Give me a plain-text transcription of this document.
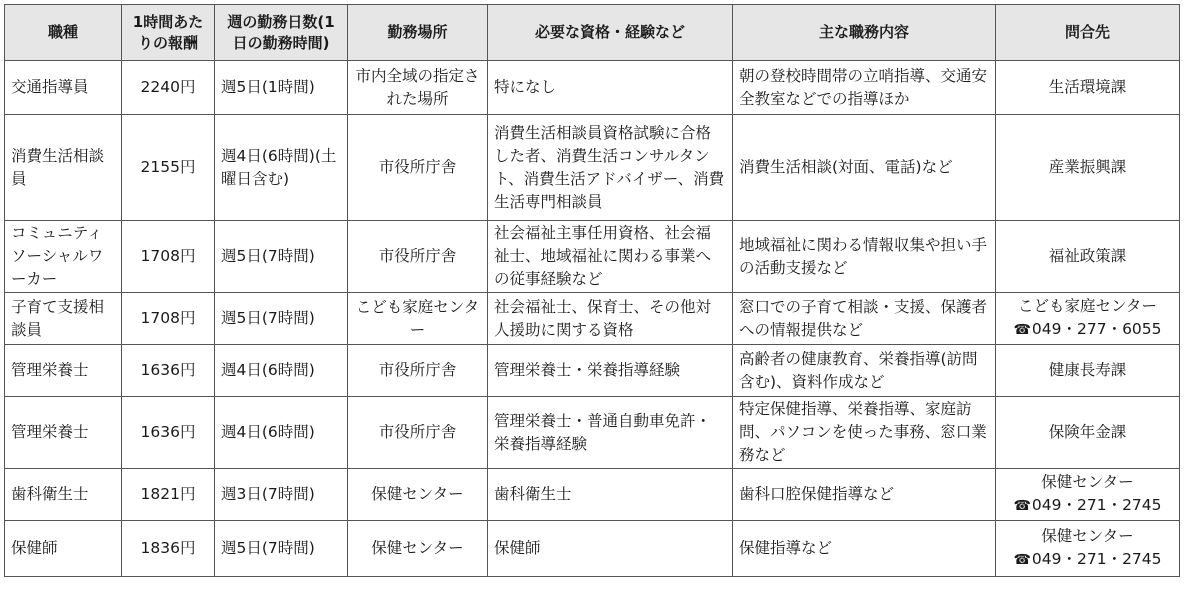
職種	1時間あたりの報酬	週の勤務日数(1日の勤務時間)	勤務場所	必要な資格・経験など	主な職務内容	問合先
交通指導員	2240円	週5日(1時間)	市内全域の指定された場所	特になし	朝の登校時間帯の立哨指導、交通安全教室などでの指導ほか	生活環境課
消費生活相談員	2155円	週4日(6時間)(土曜日含む)	市役所庁舎	消費生活相談員資格試験に合格した者、消費生活コンサルタント、消費生活アドバイザー、消費生活専門相談員	消費生活相談(対面、電話)など	産業振興課
コミュニティソーシャルワーカー	1708円	週5日(7時間)	市役所庁舎	社会福祉主事任用資格、社会福祉士、地域福祉に関わる事業への従事経験など	地域福祉に関わる情報収集や担い手の活動支援など	福祉政策課
子育て支援相談員	1708円	週5日(7時間)	こども家庭センター	社会福祉士、保育士、その他対人援助に関する資格	窓口での子育て相談・支援、保護者への情報提供など	こども家庭センター
☎049・277・6055

管理栄養士	1636円	週4日(6時間)	市役所庁舎	管理栄養士・栄養指導経験	高齢者の健康教育、栄養指導(訪問含む)、資料作成など	健康長寿課
管理栄養士	1636円	週4日(6時間)	市役所庁舎	管理栄養士・普通自動車免許・栄養指導経験	特定保健指導、栄養指導、家庭訪問、パソコンを使った事務、窓口業務など	保険年金課
歯科衛生士	1821円	週3日(7時間)	保健センター	歯科衛生士	歯科口腔保健指導など	保健センター
☎049・271・2745

保健師	1836円	週5日(7時間)	保健センター	保健師	保健指導など	保健センター
☎049・271・2745
